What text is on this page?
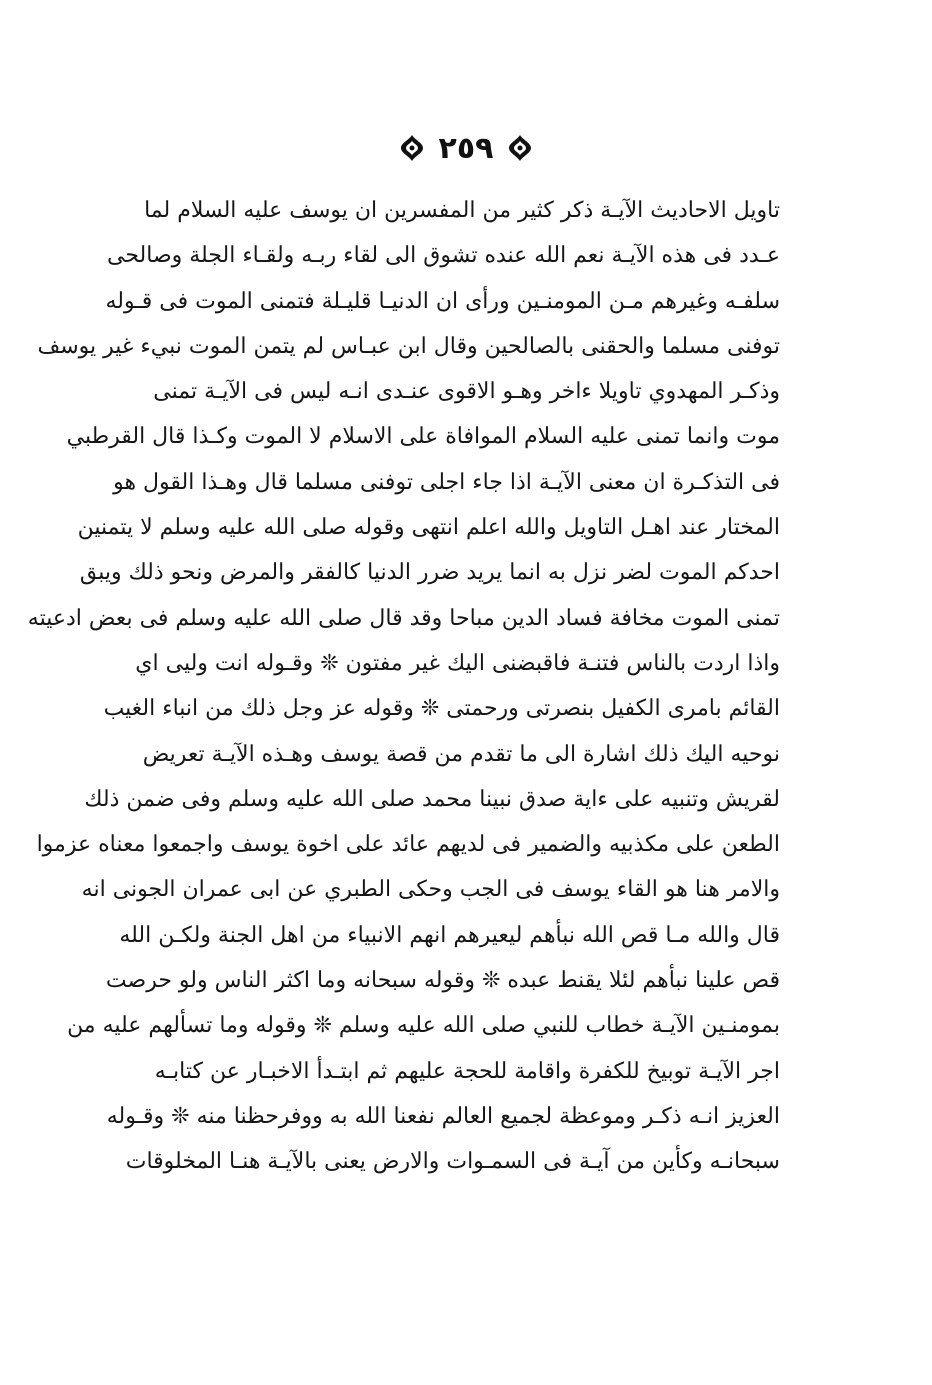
٢٥٩
تاويل الاحاديث الآيـة ذكر كثير من المفسرين ان يوسف عليه السلام لما
عـدد فى هذه الآيـة نعم الله عنده تشوق الى لقاء ربـه ولقـاء الجلة وصالحى
سلفـه وغيرهم مـن المومنـين ورأى ان الدنيـا قليـلة فتمنى الموت فى قـوله
توفنى مسلما والحقنى بالصالحين وقال ابن عبـاس لم يتمن الموت نبيء غير يوسف
وذكـر المهدوي تاويلا ءاخر وهـو الاقوى عنـدى انـه ليس فى الآيـة تمنى
موت وانما تمنى عليه السلام الموافاة على الاسلام لا الموت وكـذا قال القرطبي
فى التذكـرة ان معنى الآيـة اذا جاء اجلى توفنى مسلما قال وهـذا القول هو
المختار عند اهـل التاويل والله اعلم انتهى وقوله صلى الله عليه وسلم لا يتمنين
احدكم الموت لضر نزل به انما يريد ضرر الدنيا كالفقر والمرض ونحو ذلك ويبق
تمنى الموت مخافة فساد الدين مباحا وقد قال صلى الله عليه وسلم فى بعض ادعيته
واذا اردت بالناس فتنـة فاقبضنى اليك غير مفتون ❊ وقـوله انت وليى اي
القائم بامرى الكفيل بنصرتى ورحمتى ❊ وقوله عز وجل ذلك من انباء الغيب
نوحيه اليك ذلك اشارة الى ما تقدم من قصة يوسف وهـذه الآيـة تعريض
لقريش وتنبيه على ءاية صدق نبينا محمد صلى الله عليه وسلم وفى ضمن ذلك
الطعن على مكذبيه والضمير فى لديهم عائد على اخوة يوسف واجمعوا معناه عزموا
والامر هنا هو القاء يوسف فى الجب وحكى الطبري عن ابى عمران الجونى انه
قال والله مـا قص الله نبأهم ليعيرهم انهم الانبياء من اهل الجنة ولكـن الله
قص علينا نبأهم لئلا يقنط عبده ❊ وقوله سبحانه وما اكثر الناس ولو حرصت
بمومنـين الآيـة خطاب للنبي صلى الله عليه وسلم ❊ وقوله وما تسألهم عليه من
اجر الآيـة توبيخ للكفرة واقامة للحجة عليهم ثم ابتـدأ الاخبـار عن كتابـه
العزيز انـه ذكـر وموعظة لجميع العالم نفعنا الله به ووفرحظنا منه ❊ وقـوله
سبحانـه وكأين من آيـة فى السمـوات والارض يعنى بالآيـة هنـا المخلوقات
